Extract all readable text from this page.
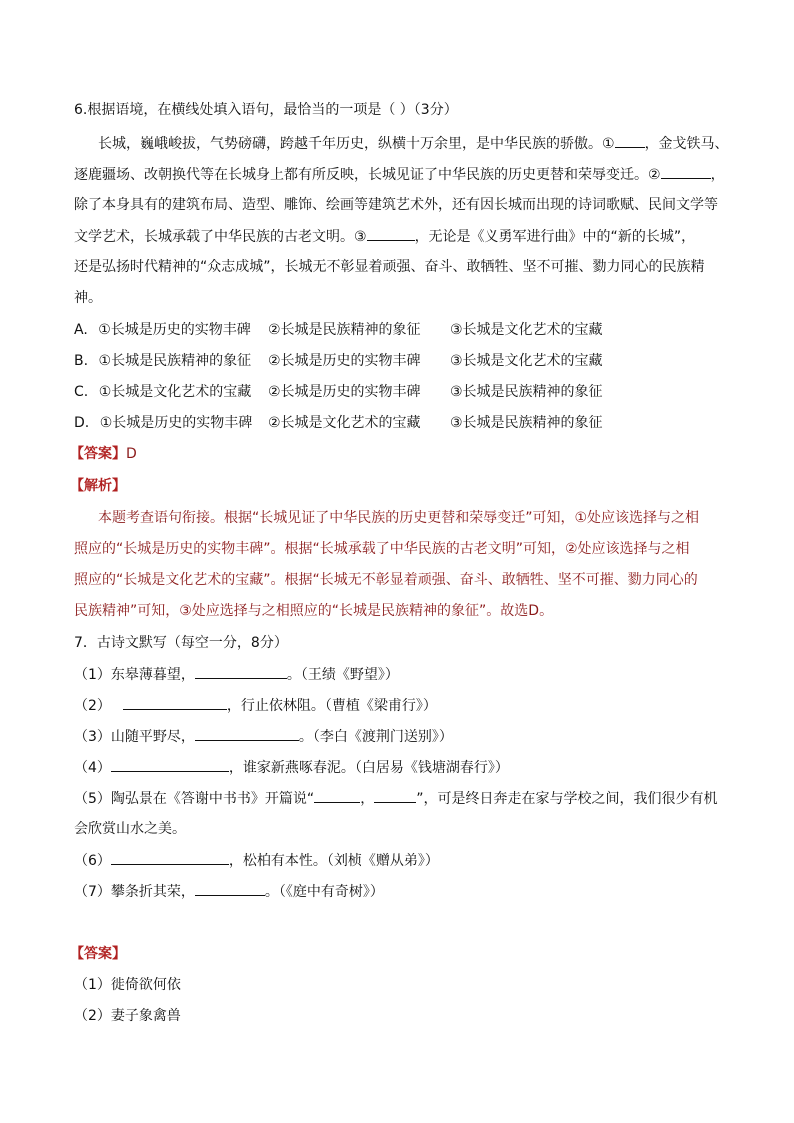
6.根据语境，在横线处填入语句，最恰当的一项是（ ）（3分）
长城，巍峨峻拔，气势磅礴，跨越千年历史，纵横十万余里，是中华民族的骄傲。① ，金戈铁马、
逐鹿疆场、改朝换代等在长城身上都有所反映，长城见证了中华民族的历史更替和荣辱变迁。②	，
除了本身具有的建筑布局、造型、雕饰、绘画等建筑艺术外，还有因长城而出现的诗词歌赋、民间文学等
文学艺术，长城承载了中华民族的古老文明。③	，无论是《义勇军进行曲》中的“新的长城”，
还是弘扬时代精神的“众志成城”，长城无不彰显着顽强、奋斗、敢牺牲、坚不可摧、勠力同心的民族精
神。
A. ①长城是历史的实物丰碑 ②长城是民族精神的象征 ③长城是文化艺术的宝藏
B. ①长城是民族精神的象征 ②长城是历史的实物丰碑 ③长城是文化艺术的宝藏
C. ①长城是文化艺术的宝藏 ②长城是历史的实物丰碑 ③长城是民族精神的象征
D. ①长城是历史的实物丰碑 ②长城是文化艺术的宝藏 ③长城是民族精神的象征
【答案】D
【解析】
本题考查语句衔接。根据“长城见证了中华民族的历史更替和荣辱变迁”可知，①处应该选择与之相
照应的“长城是历史的实物丰碑”。根据“长城承载了中华民族的古老文明”可知，②处应该选择与之相
照应的“长城是文化艺术的宝藏”。根据“长城无不彰显着顽强、奋斗、敢牺牲、坚不可摧、勠力同心的
民族精神”可知，③处应选择与之相照应的“长城是民族精神的象征”。故选D。
7．古诗文默写（每空一分，8分）
（1）东皋薄暮望，	。（王绩《野望》）
（2）	，行止依林阻。（曹植《梁甫行》）
（3）山随平野尽，	。（李白《渡荆门送别》）
（4）	，谁家新燕啄春泥。（白居易《钱塘湖春行》）
（5）陶弘景在《答谢中书书》开篇说“	，	”，可是终日奔走在家与学校之间，我们很少有机
会欣赏山水之美。
（6）	，松柏有本性。（刘桢《赠从弟》）
（7）攀条折其荣，	。（《庭中有奇树》）
【答案】
（1）徙倚欲何依
（2）妻子象禽兽
